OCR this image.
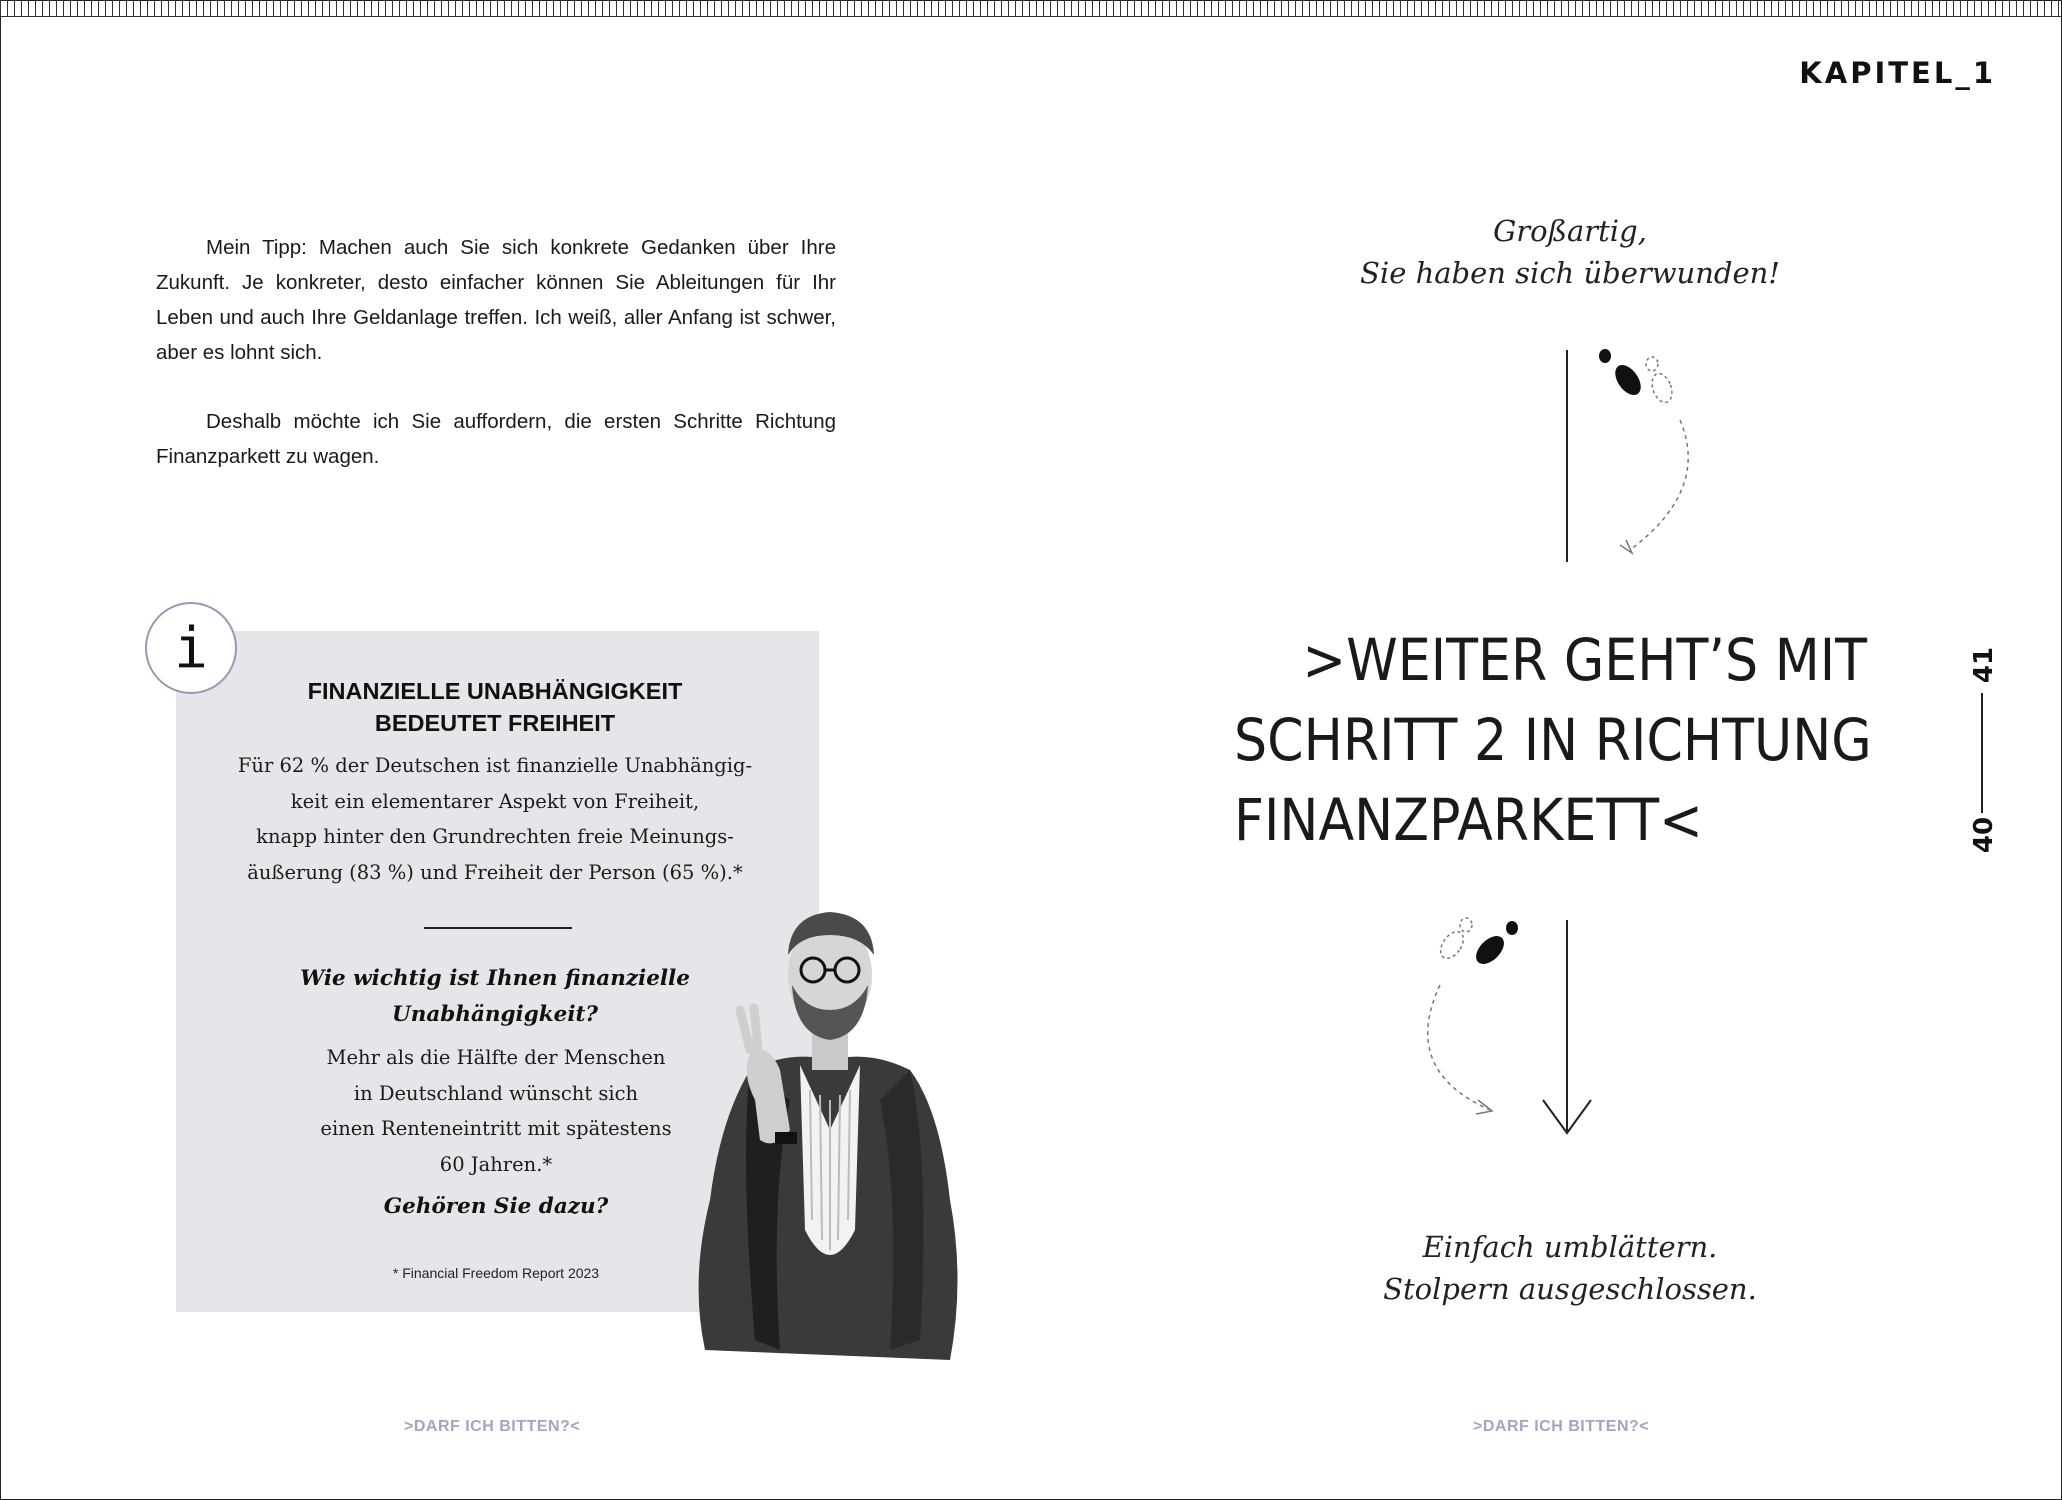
KAPITEL_1

Mein Tipp: Machen auch Sie sich konkrete Gedanken über Ihre Zukunft. Je konkreter, desto einfacher können Sie Ableitungen für Ihr Leben und auch Ihre Geldanlage treffen. Ich weiß, aller Anfang ist schwer, aber es lohnt sich.

Deshalb möchte ich Sie auffordern, die ersten Schritte Richtung Finanzparkett zu wagen.

i

FINANZIELLE UNABHÄNGIGKEIT
BEDEUTET FREIHEIT

Für 62 % der Deutschen ist finanzielle Unabhängig-
keit ein elementarer Aspekt von Freiheit,
knapp hinter den Grundrechten freie Meinungs-
äußerung (83 %) und Freiheit der Person (65 %).*

Wie wichtig ist Ihnen finanzielle
Unabhängigkeit?

Mehr als die Hälfte der Menschen
in Deutschland wünscht sich
einen Renteneintritt mit spätestens
60 Jahren.*

Gehören Sie dazu?

* Financial Freedom Report 2023

Großartig,
Sie haben sich überwunden!

>WEITER GEHT’S MIT
SCHRITT 2 IN RICHTUNG
FINANZPARKETT<

Einfach umblättern.
Stolpern ausgeschlossen.

41
40
>DARF ICH BITTEN?<	>DARF ICH BITTEN?<
